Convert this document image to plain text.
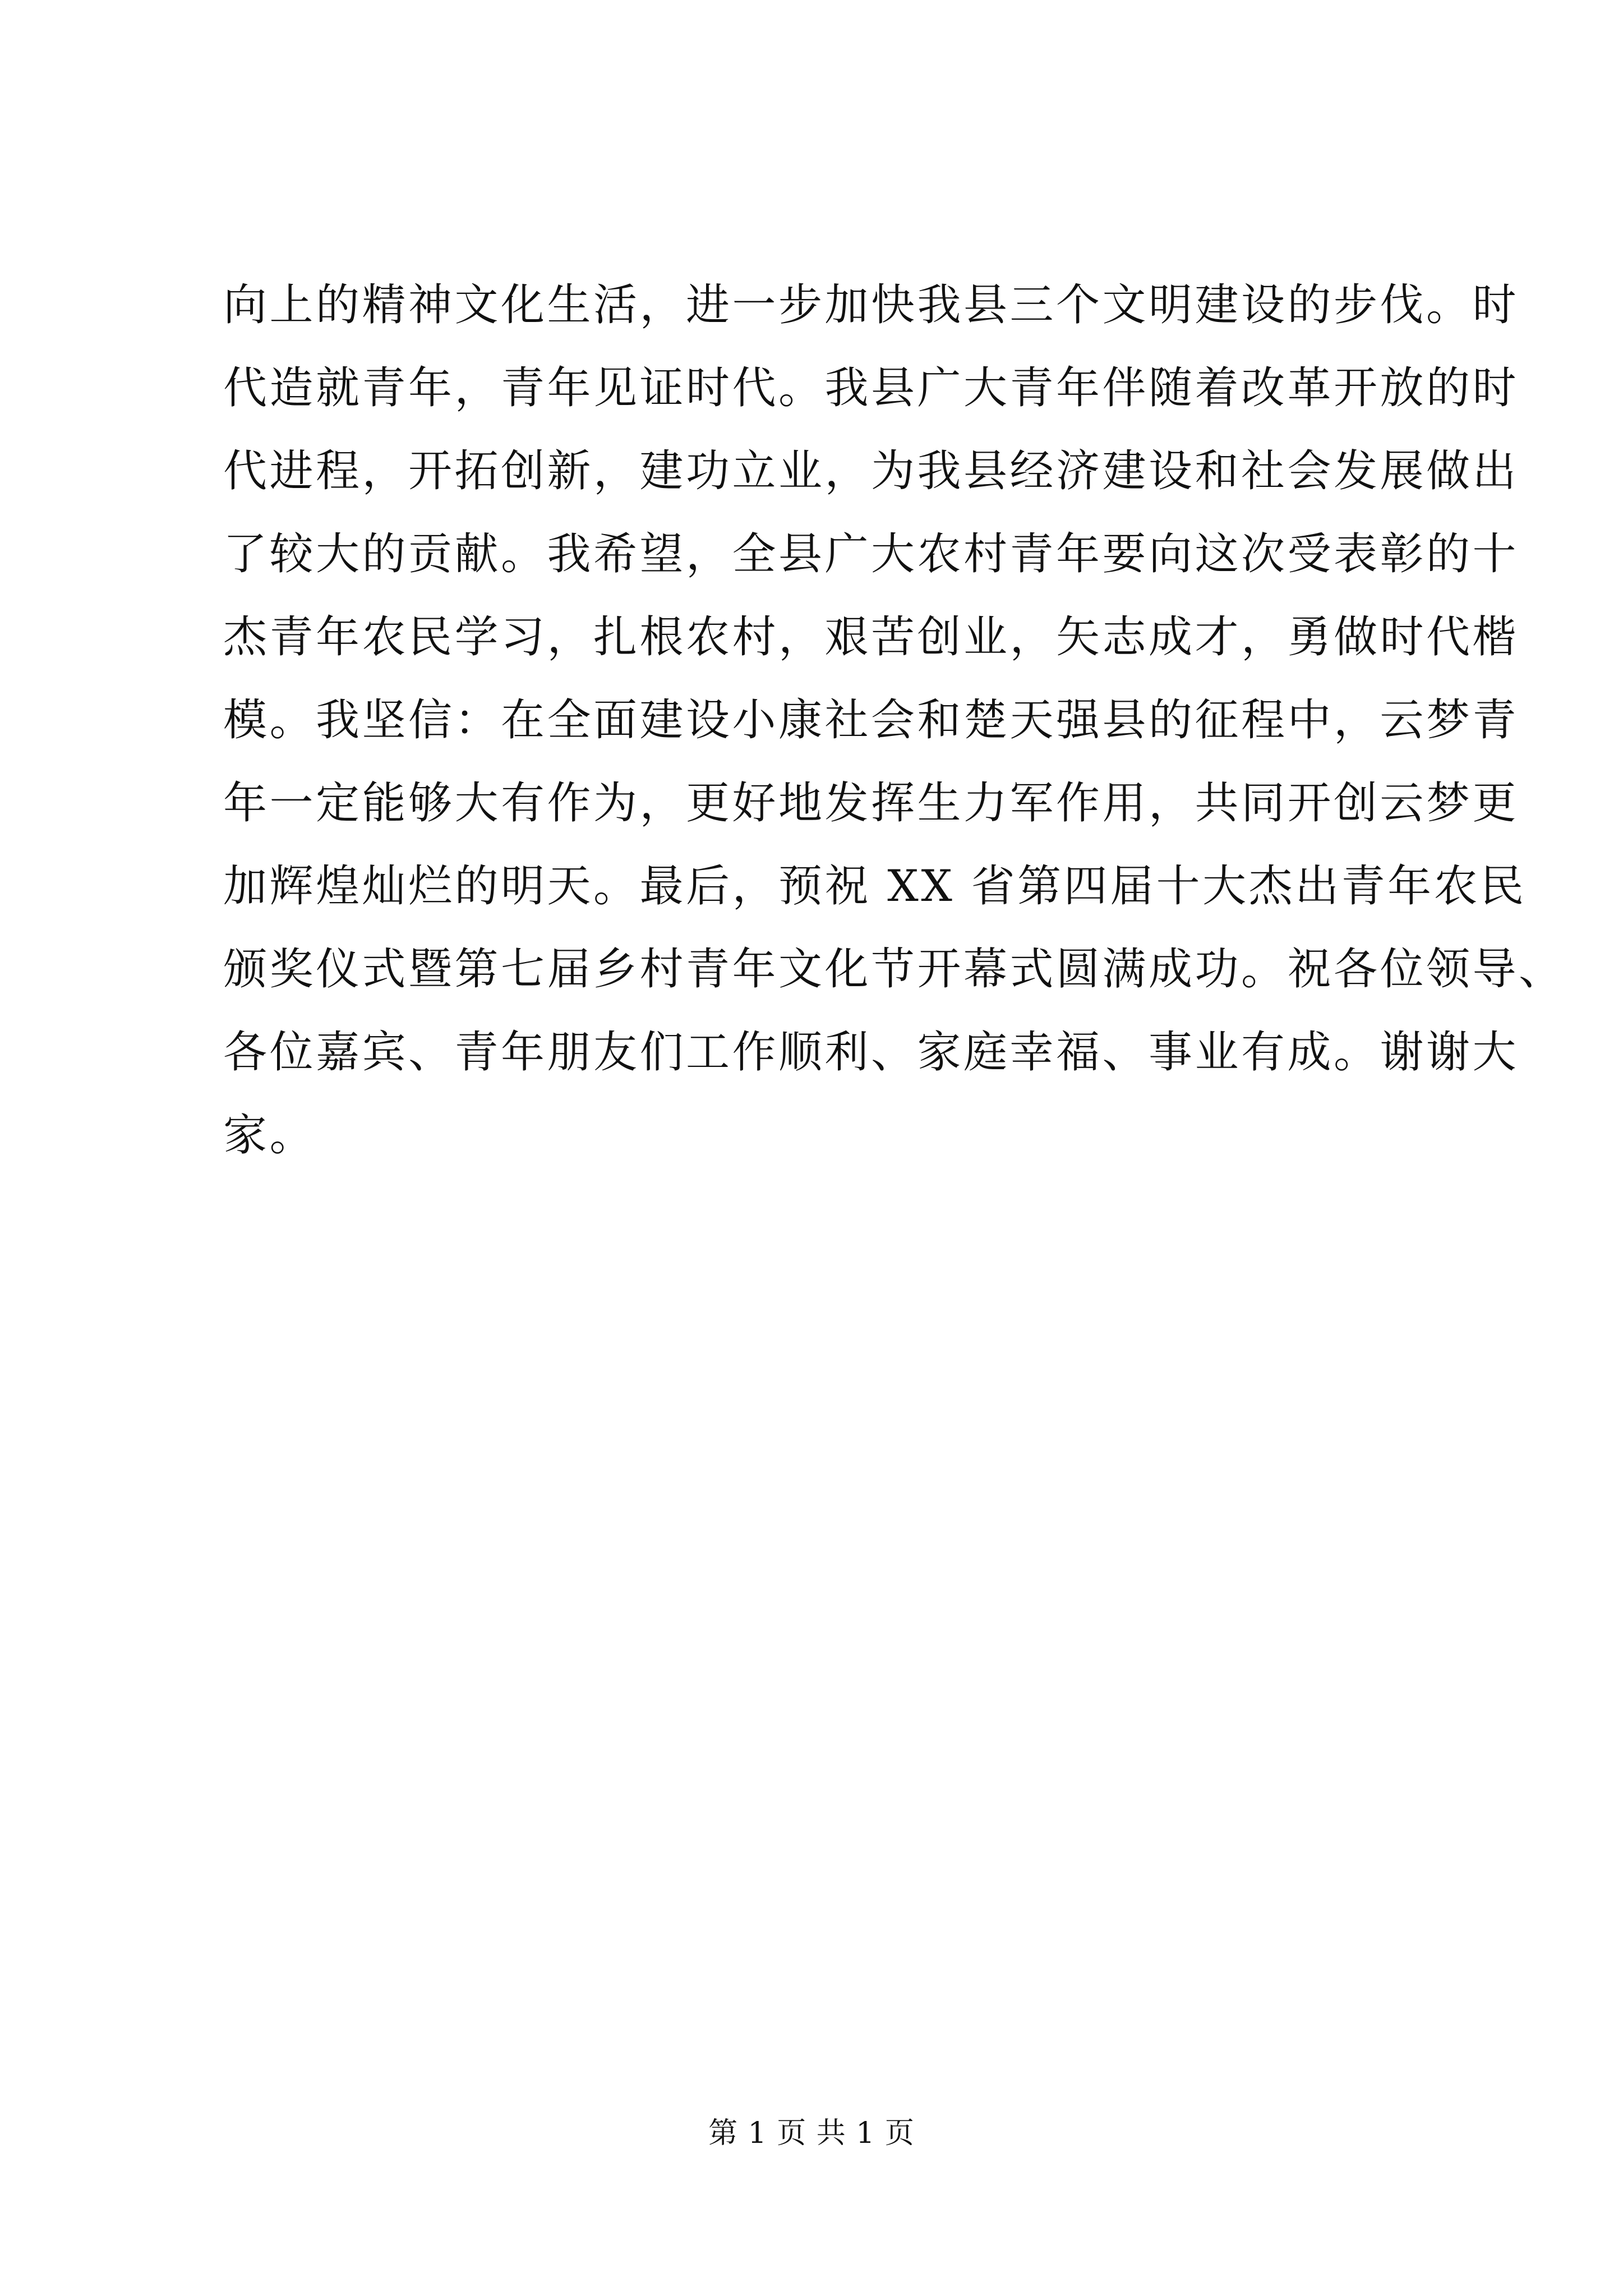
向上的精神文化生活，进一步加快我县三个文明建设的步伐。时
代造就青年，青年见证时代。我县广大青年伴随着改革开放的时
代进程，开拓创新，建功立业，为我县经济建设和社会发展做出
了较大的贡献。我希望，全县广大农村青年要向这次受表彰的十
杰青年农民学习，扎根农村，艰苦创业，矢志成才，勇做时代楷
模。我坚信：在全面建设小康社会和楚天强县的征程中，云梦青
年一定能够大有作为，更好地发挥生力军作用，共同开创云梦更
加辉煌灿烂的明天。最后，预祝 XX 省第四届十大杰出青年农民
颁奖仪式暨第七届乡村青年文化节开幕式圆满成功。祝各位领导、
各位嘉宾、青年朋友们工作顺利、家庭幸福、事业有成。谢谢大
家。
第 1 页 共 1 页
